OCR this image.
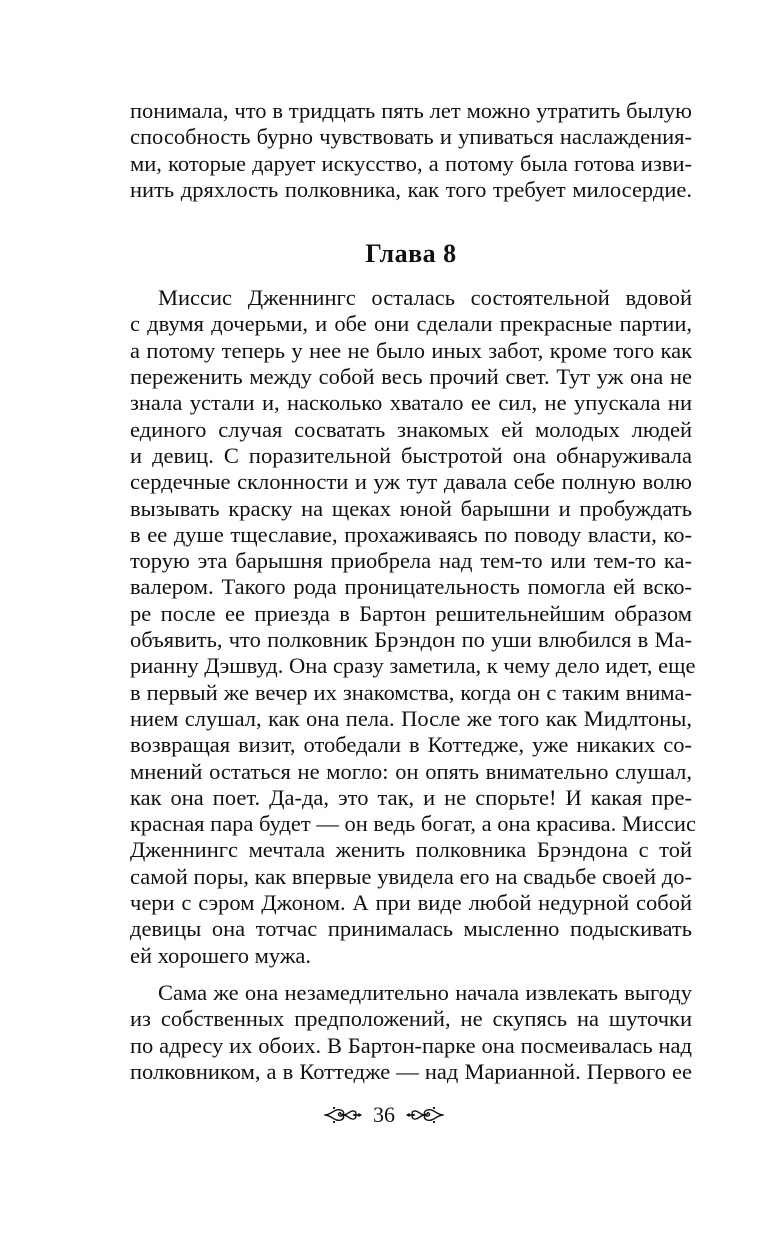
понимала, что в тридцать пять лет можно утратить былую
способность бурно чувствовать и упиваться наслаждения-
ми, которые дарует искусство, а потому была готова изви-
нить дряхлость полковника, как того требует милосердие.
Глава 8
Миссис Дженнингс осталась состоятельной вдовой
с двумя дочерьми, и обе они сделали прекрасные партии,
а потому теперь у нее не было иных забот, кроме того как
переженить между собой весь прочий свет. Тут уж она не
знала устали и, насколько хватало ее сил, не упускала ни
единого случая сосватать знакомых ей молодых людей
и девиц. С поразительной быстротой она обнаруживала
сердечные склонности и уж тут давала себе полную волю
вызывать краску на щеках юной барышни и пробуждать
в ее душе тщеславие, прохаживаясь по поводу власти, ко-
торую эта барышня приобрела над тем-то или тем-то ка-
валером. Такого рода проницательность помогла ей вско-
ре после ее приезда в Бартон решительнейшим образом
объявить, что полковник Брэндон по уши влюбился в Ма-
рианну Дэшвуд. Она сразу заметила, к чему дело идет, еще
в первый же вечер их знакомства, когда он с таким внима-
нием слушал, как она пела. После же того как Мидлтоны,
возвращая визит, отобедали в Коттедже, уже никаких со-
мнений остаться не могло: он опять внимательно слушал,
как она поет. Да-да, это так, и не спорьте! И какая пре-
красная пара будет — он ведь богат, а она красива. Миссис
Дженнингс мечтала женить полковника Брэндона с той
самой поры, как впервые увидела его на свадьбе своей до-
чери с сэром Джоном. А при виде любой недурной собой
девицы она тотчас принималась мысленно подыскивать
ей хорошего мужа.
Сама же она незамедлительно начала извлекать выгоду
из собственных предположений, не скупясь на шуточки
по адресу их обоих. В Бартон-парке она посмеивалась над
полковником, а в Коттедже — над Марианной. Первого ее
36
